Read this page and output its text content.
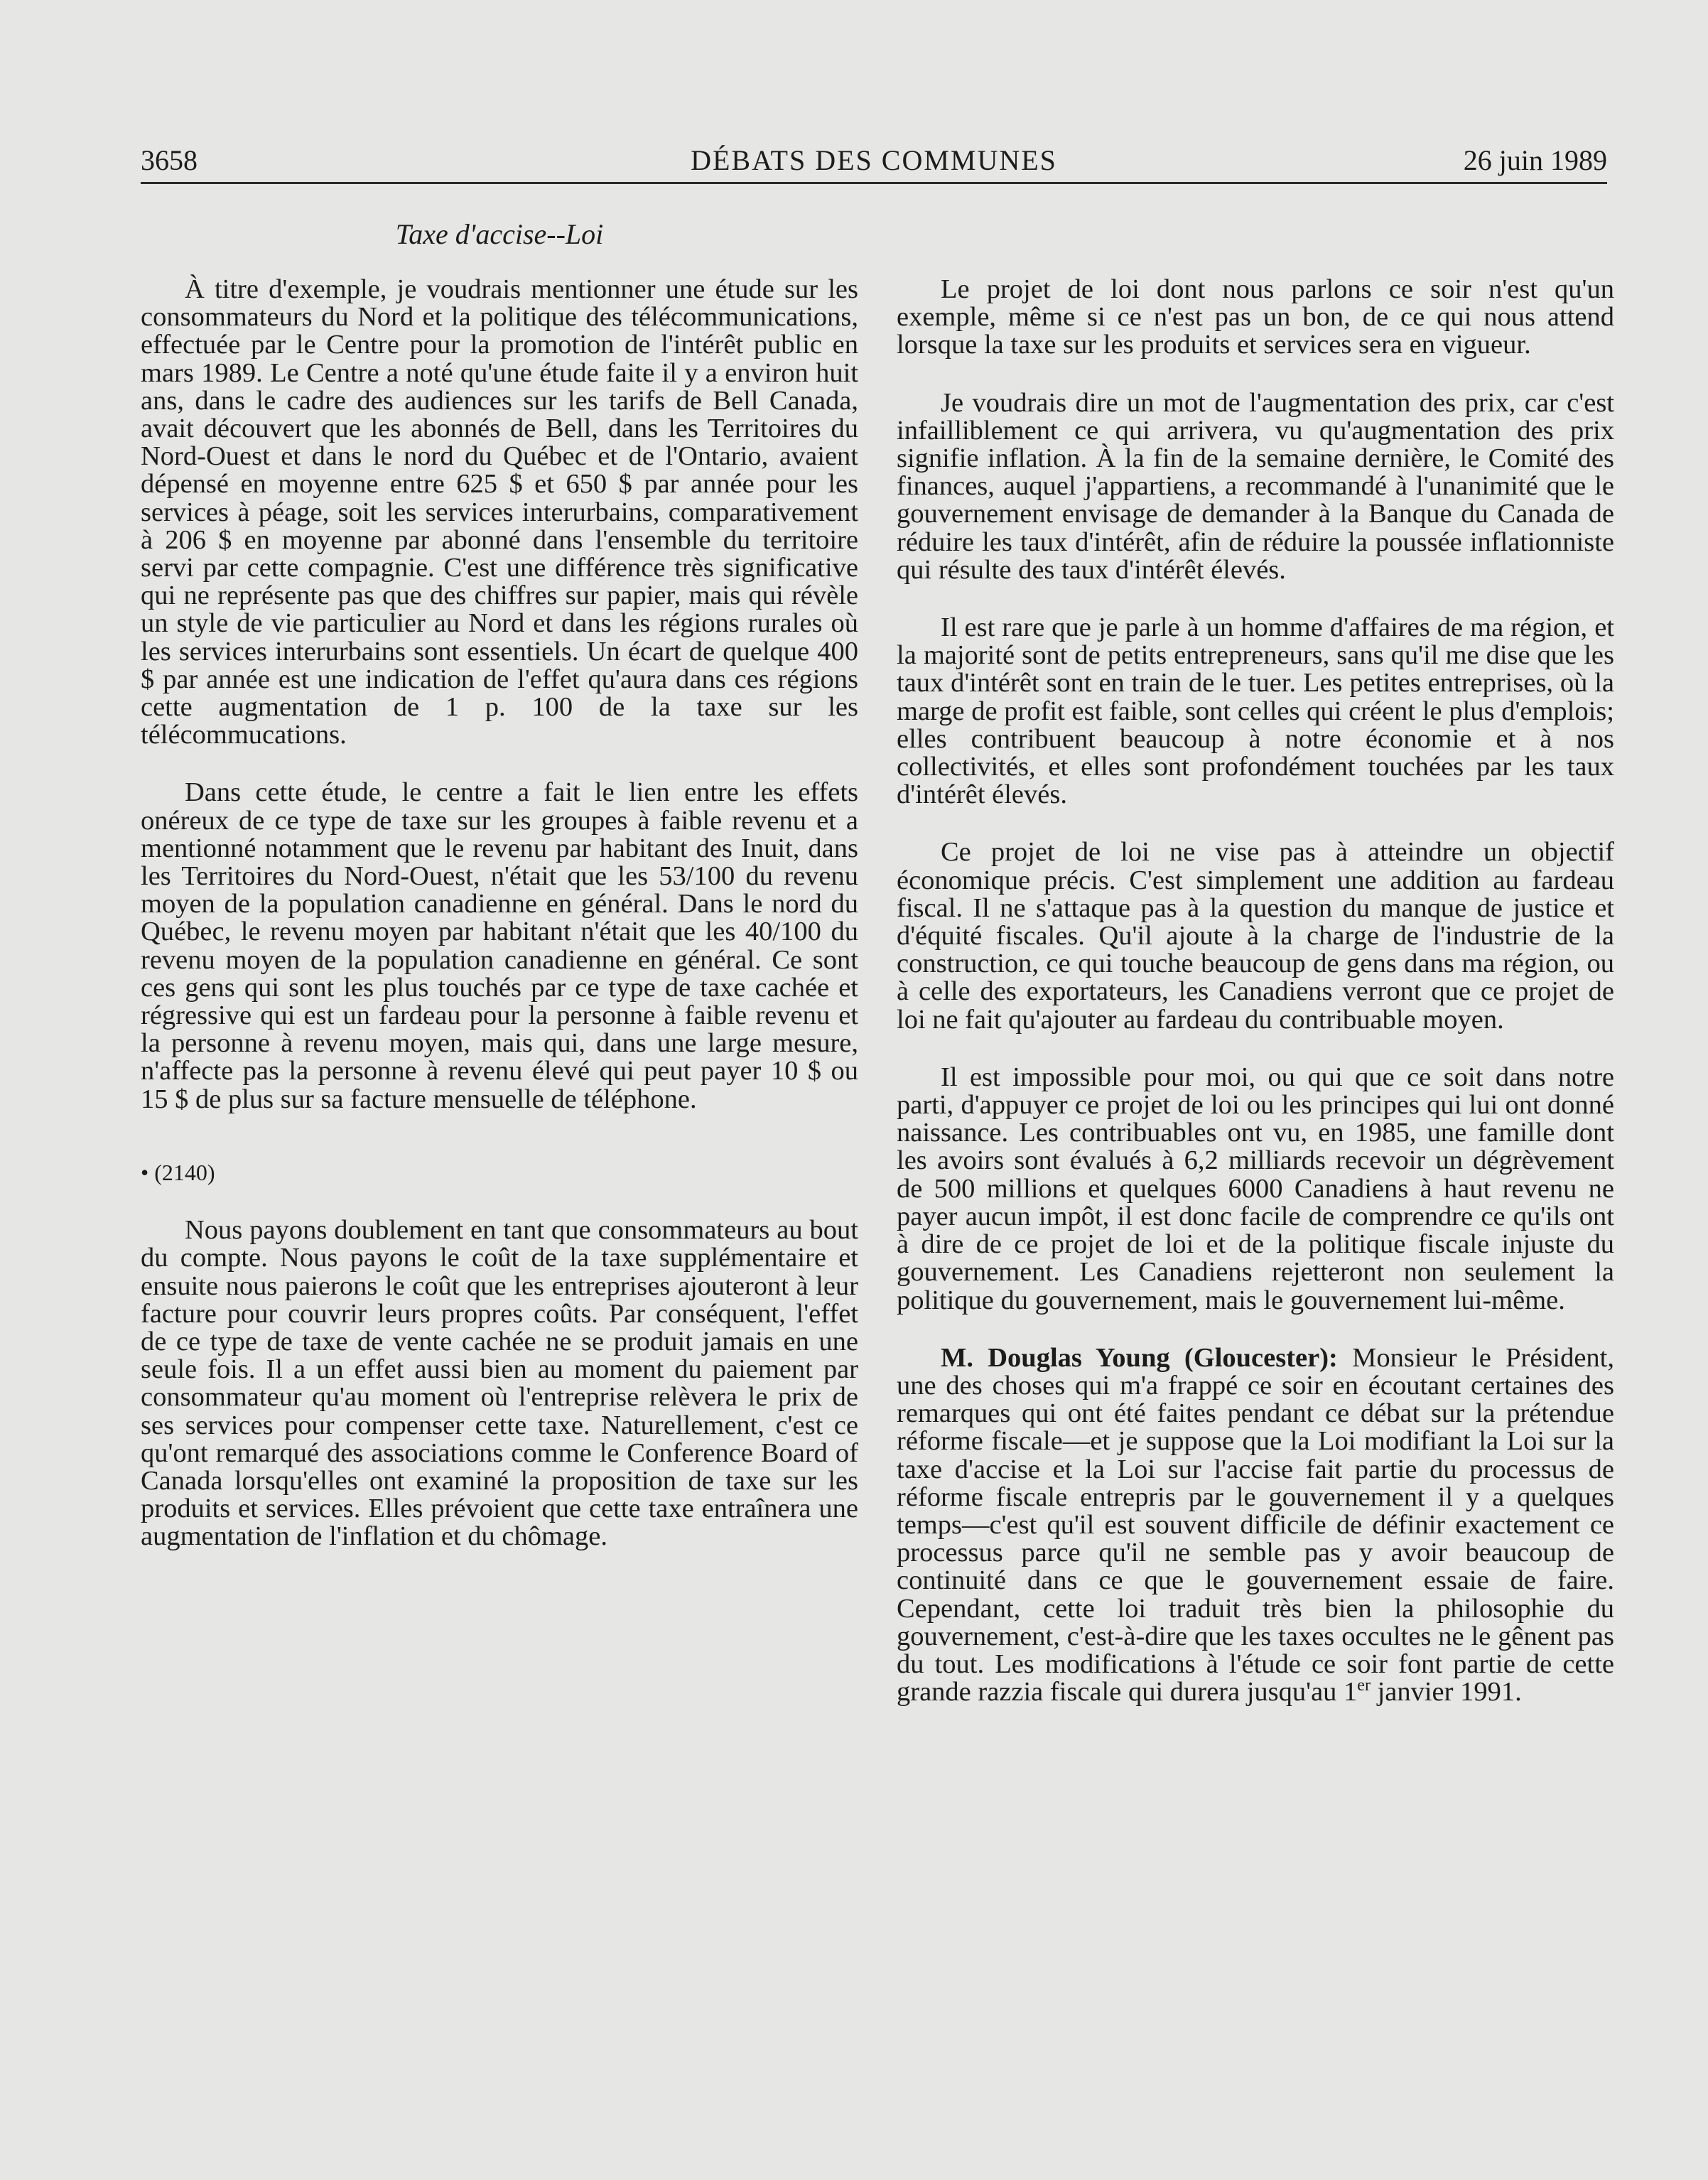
DÉBATS DES COMMUNES
3658	26 juin 1989
Taxe d'accise--Loi

À titre d'exemple, je voudrais mentionner une étude sur les consommateurs du Nord et la politique des télécommunications, effectuée par le Centre pour la promotion de l'intérêt public en mars 1989. Le Centre a noté qu'une étude faite il y a environ huit ans, dans le cadre des audiences sur les tarifs de Bell Canada, avait découvert que les abonnés de Bell, dans les Territoires du Nord-Ouest et dans le nord du Québec et de l'Ontario, avaient dépensé en moyenne entre 625 $ et 650 $ par année pour les services à péage, soit les services interurbains, comparativement à 206 $ en moyenne par abonné dans l'ensemble du territoire servi par cette compagnie. C'est une différence très significative qui ne représente pas que des chiffres sur papier, mais qui révèle un style de vie particulier au Nord et dans les régions rurales où les services interurbains sont essentiels. Un écart de quelque 400 $ par année est une indication de l'effet qu'aura dans ces régions cette augmentation de 1 p. 100 de la taxe sur les télécommucations.

Dans cette étude, le centre a fait le lien entre les effets onéreux de ce type de taxe sur les groupes à faible revenu et a mentionné notamment que le revenu par habitant des Inuit, dans les Territoires du Nord-Ouest, n'était que les 53/100 du revenu moyen de la population canadienne en général. Dans le nord du Québec, le revenu moyen par habitant n'était que les 40/100 du revenu moyen de la population canadienne en général. Ce sont ces gens qui sont les plus touchés par ce type de taxe cachée et régressive qui est un fardeau pour la personne à faible revenu et la personne à revenu moyen, mais qui, dans une large mesure, n'affecte pas la personne à revenu élevé qui peut payer 10 $ ou 15 $ de plus sur sa facture mensuelle de téléphone.

• (2140)

Nous payons doublement en tant que consommateurs au bout du compte. Nous payons le coût de la taxe supplémentaire et ensuite nous paierons le coût que les entreprises ajouteront à leur facture pour couvrir leurs propres coûts. Par conséquent, l'effet de ce type de taxe de vente cachée ne se produit jamais en une seule fois. Il a un effet aussi bien au moment du paiement par consommateur qu'au moment où l'entreprise relèvera le prix de ses services pour compenser cette taxe. Naturellement, c'est ce qu'ont remarqué des associations comme le Conference Board of Canada lorsqu'elles ont examiné la proposition de taxe sur les produits et services. Elles prévoient que cette taxe entraînera une augmentation de l'inflation et du chômage.

Le projet de loi dont nous parlons ce soir n'est qu'un exemple, même si ce n'est pas un bon, de ce qui nous attend lorsque la taxe sur les produits et services sera en vigueur.

Je voudrais dire un mot de l'augmentation des prix, car c'est infailliblement ce qui arrivera, vu qu'augmentation des prix signifie inflation. À la fin de la semaine dernière, le Comité des finances, auquel j'appartiens, a recommandé à l'unanimité que le gouvernement envisage de demander à la Banque du Canada de réduire les taux d'intérêt, afin de réduire la poussée inflationniste qui résulte des taux d'intérêt élevés.

Il est rare que je parle à un homme d'affaires de ma région, et la majorité sont de petits entrepreneurs, sans qu'il me dise que les taux d'intérêt sont en train de le tuer. Les petites entreprises, où la marge de profit est faible, sont celles qui créent le plus d'emplois; elles contribuent beaucoup à notre économie et à nos collectivités, et elles sont profondément touchées par les taux d'intérêt élevés.

Ce projet de loi ne vise pas à atteindre un objectif économique précis. C'est simplement une addition au fardeau fiscal. Il ne s'attaque pas à la question du manque de justice et d'équité fiscales. Qu'il ajoute à la charge de l'industrie de la construction, ce qui touche beaucoup de gens dans ma région, ou à celle des exportateurs, les Canadiens verront que ce projet de loi ne fait qu'ajouter au fardeau du contribuable moyen.

Il est impossible pour moi, ou qui que ce soit dans notre parti, d'appuyer ce projet de loi ou les principes qui lui ont donné naissance. Les contribuables ont vu, en 1985, une famille dont les avoirs sont évalués à 6,2 milliards recevoir un dégrèvement de 500 millions et quelques 6000 Canadiens à haut revenu ne payer aucun impôt, il est donc facile de comprendre ce qu'ils ont à dire de ce projet de loi et de la politique fiscale injuste du gouvernement. Les Canadiens rejetteront non seulement la politique du gouvernement, mais le gouvernement lui-même.

M. Douglas Young (Gloucester): Monsieur le Président, une des choses qui m'a frappé ce soir en écoutant certaines des remarques qui ont été faites pendant ce débat sur la prétendue réforme fiscale—et je suppose que la Loi modifiant la Loi sur la taxe d'accise et la Loi sur l'accise fait partie du processus de réforme fiscale entrepris par le gouvernement il y a quelques temps—c'est qu'il est souvent difficile de définir exactement ce processus parce qu'il ne semble pas y avoir beaucoup de continuité dans ce que le gouvernement essaie de faire. Cependant, cette loi traduit très bien la philosophie du gouvernement, c'est-à-dire que les taxes occultes ne le gênent pas du tout. Les modifications à l'étude ce soir font partie de cette grande razzia fiscale qui durera jusqu'au 1er janvier 1991.
